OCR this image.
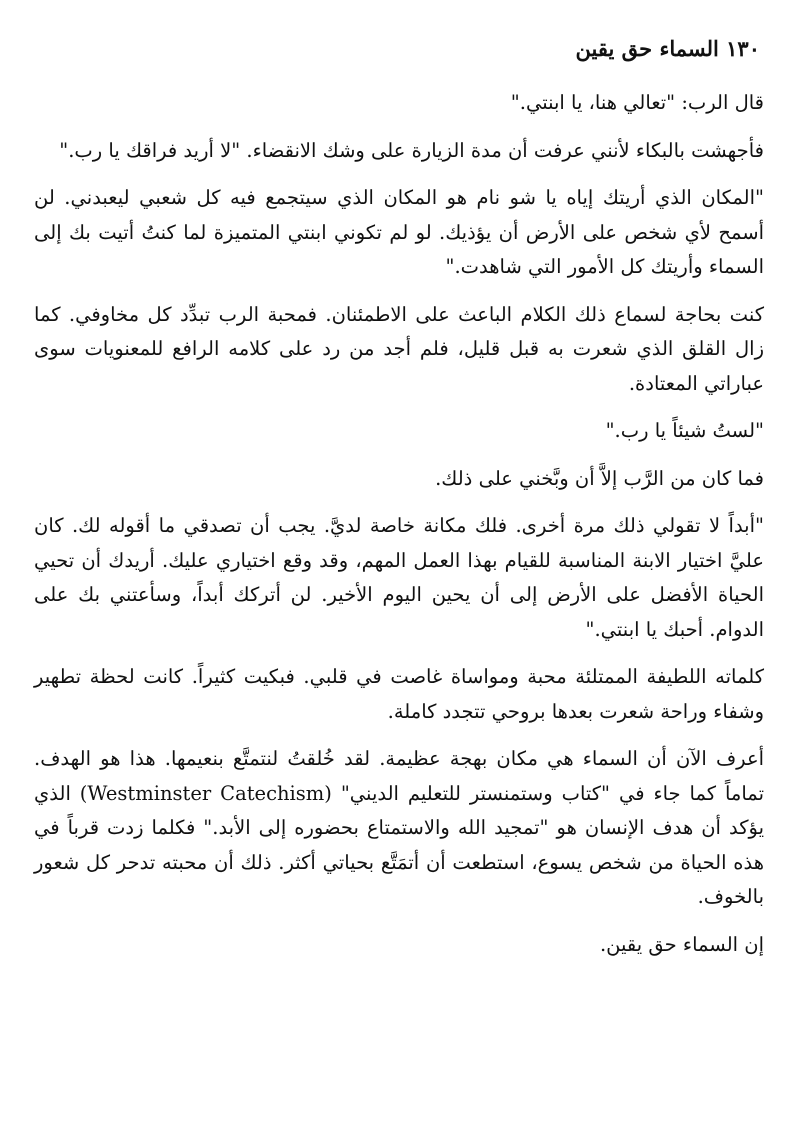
١٣٠ السماء حق يقين

قال الرب: "تعالي هنا، يا ابنتي."

فأجهشت بالبكاء لأنني عرفت أن مدة الزيارة على وشك الانقضاء. "لا أريد فراقك يا رب."

"المكان الذي أريتك إياه يا شو نام هو المكان الذي سيتجمع فيه كل شعبي ليعبدني. لن أسمح لأي شخص على الأرض أن يؤذيك. لو لم تكوني ابنتي المتميزة لما كنتُ أتيت بك إلى السماء وأريتك كل الأمور التي شاهدت."

كنت بحاجة لسماع ذلك الكلام الباعث على الاطمئنان. فمحبة الرب تبدِّد كل مخاوفي. كما زال القلق الذي شعرت به قبل قليل، فلم أجد من رد على كلامه الرافع للمعنويات سوى عباراتي المعتادة.

"لستُ شيئاً يا رب."

فما كان من الرَّب إلاَّ أن وبَّخني على ذلك.

"أبداً لا تقولي ذلك مرة أخرى. فلك مكانة خاصة لديَّ. يجب أن تصدقي ما أقوله لك. كان عليَّ اختيار الابنة المناسبة للقيام بهذا العمل المهم، وقد وقع اختياري عليك. أريدك أن تحيي الحياة الأفضل على الأرض إلى أن يحين اليوم الأخير. لن أتركك أبداً، وسأعتني بك على الدوام. أحبك يا ابنتي."

كلماته اللطيفة الممتلئة محبة ومواساة غاصت في قلبي. فبكيت كثيراً. كانت لحظة تطهير وشفاء وراحة شعرت بعدها بروحي تتجدد كاملة.

أعرف الآن أن السماء هي مكان بهجة عظيمة. لقد خُلقتُ لنتمتَّع بنعيمها. هذا هو الهدف. تماماً كما جاء في "كتاب وستمنستر للتعليم الديني" (Westminster Catechism) الذي يؤكد أن هدف الإنسان هو "تمجيد الله والاستمتاع بحضوره إلى الأبد." فكلما زدت قرباً في هذه الحياة من شخص يسوع، استطعت أن أتمَتَّع بحياتي أكثر. ذلك أن محبته تدحر كل شعور بالخوف.

إن السماء حق يقين.
